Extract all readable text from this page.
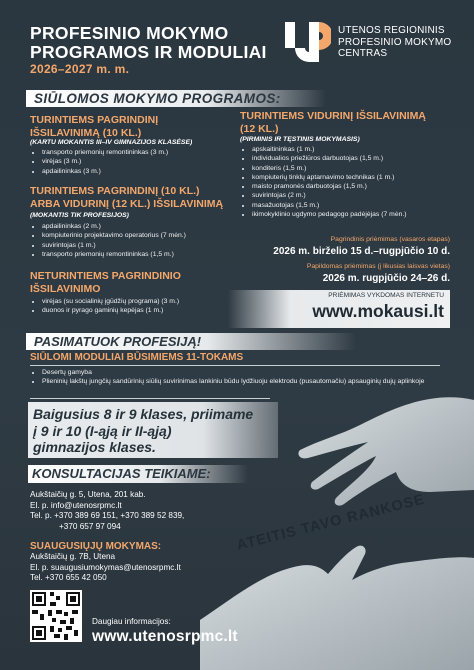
PROFESINIO MOKYMO
PROGRAMOS IR MODULIAI
2026–2027 m. m.
UTENOS REGIONINIS
PROFESINIO MOKYMO
CENTRAS
SIŪLOMOS MOKYMO PROGRAMOS:
TURINTIEMS PAGRINDINĮ
IŠSILAVINIMĄ (10 KL.)
(KARTU MOKANTIS III–IV GIMNAZIJOS KLASĖSE)
• transporto priemonių remontininkas (3 m.)
• virėjas (3 m.)
• apdailininkas (3 m.)
TURINTIEMS PAGRINDINĮ (10 KL.)
ARBA VIDURINĮ (12 KL.) IŠSILAVINIMĄ
(MOKANTIS TIK PROFESIJOS)
• apdailininkas (2 m.)
• kompiuterinio projektavimo operatorius (7 mėn.)
• suvirintojas (1 m.)
• transporto priemonių remontininkas (1,5 m.)
NETURINTIEMS PAGRINDINIO
IŠSILAVINIMO
• virėjas (su socialinių įgūdžių programa) (3 m.)
• duonos ir pyrago gaminių kepėjas (1 m.)
TURINTIEMS VIDURINĮ IŠSILAVINIMĄ
(12 KL.)
(PIRMINIS IR TĘSTINIS MOKYMASIS)
• apskaitininkas (1 m.)
• individualios priežiūros darbuotojas (1,5 m.)
• konditeris (1,5 m.)
• kompiuterių tinklų aptarnavimo technikas (1 m.)
• maisto pramonės darbuotojas (1,5 m.)
• suvirintojas (2 m.)
• masažuotojas (1,5 m.)
• ikimokyklinio ugdymo pedagogo padėjėjas (7 mėn.)
Pagrindinis priėmimas (vasaros etapas)
2026 m. birželio 15 d.–rugpjūčio 10 d.
Papildomas priėmimas (į likusias laisvas vietas)
2026 m. rugpjūčio 24–26 d.
PRIĖMIMAS VYKDOMAS INTERNETU
www.mokausi.lt
PASIMATUOK PROFESIJĄ!
SIŪLOMI MODULIAI BŪSIMIEMS 11-TOKAMS
• Desertų gamyba
• Plieninių lakštų jungčių sandūrinių siūlių suvirinimas lankiniu būdu lydžiuoju elektrodu (pusautomačiu) apsauginių dujų aplinkoje
Baigusius 8 ir 9 klases, priimame
į 9 ir 10 (I-ąją ir II-ąją)
gimnazijos klases.
ATEITIS TAVO RANKOSE
KONSULTACIJAS TEIKIAME:
Aukštaičių g. 5, Utena, 201 kab.
El. p. info@utenosrpmc.lt
Tel. p. +370 389 69 151, +370 389 52 839,
+370 657 97 094
SUAUGUSIŲJŲ MOKYMAS:
Aukštaičių g. 7B, Utena
El. p. suaugusiumokymas@utenosrpmc.lt
Tel. +370 655 42 050
Daugiau informacijos:
www.utenosrpmc.lt
